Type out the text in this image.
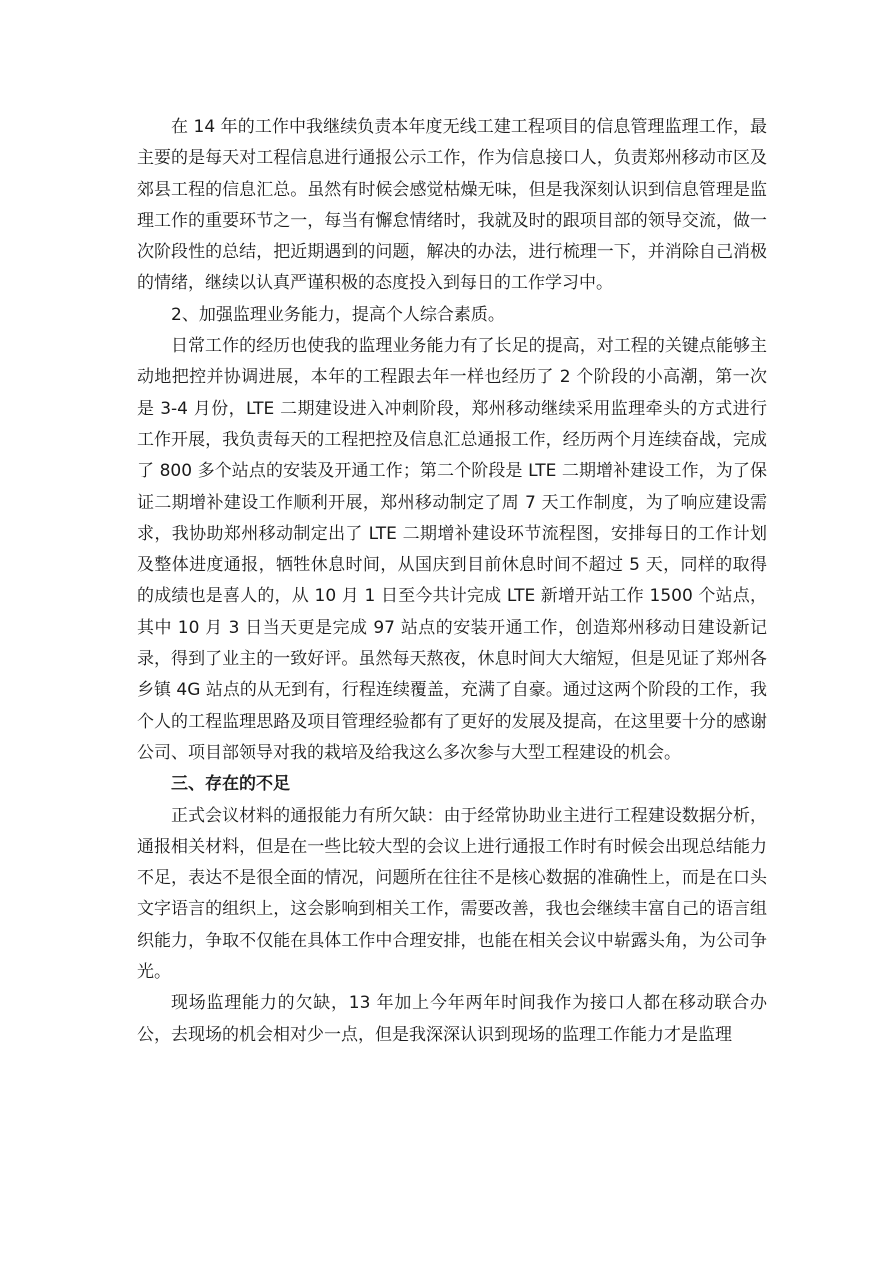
在 14 年的工作中我继续负责本年度无线工建工程项目的信息管理监理工作，最主要的是每天对工程信息进行通报公示工作，作为信息接口人，负责郑州移动市区及郊县工程的信息汇总。虽然有时候会感觉枯燥无味，但是我深刻认识到信息管理是监理工作的重要环节之一，每当有懈怠情绪时，我就及时的跟项目部的领导交流，做一次阶段性的总结，把近期遇到的问题，解决的办法，进行梳理一下，并消除自己消极的情绪，继续以认真严谨积极的态度投入到每日的工作学习中。

2、加强监理业务能力，提高个人综合素质。

日常工作的经历也使我的监理业务能力有了长足的提高，对工程的关键点能够主动地把控并协调进展，本年的工程跟去年一样也经历了 2 个阶段的小高潮，第一次是 3-4 月份，LTE 二期建设进入冲刺阶段，郑州移动继续采用监理牵头的方式进行工作开展，我负责每天的工程把控及信息汇总通报工作，经历两个月连续奋战，完成了 800 多个站点的安装及开通工作；第二个阶段是 LTE 二期增补建设工作，为了保证二期增补建设工作顺利开展，郑州移动制定了周 7 天工作制度，为了响应建设需求，我协助郑州移动制定出了 LTE 二期增补建设环节流程图，安排每日的工作计划及整体进度通报，牺牲休息时间，从国庆到目前休息时间不超过 5 天，同样的取得的成绩也是喜人的，从 10 月 1 日至今共计完成 LTE 新增开站工作 1500 个站点，其中 10 月 3 日当天更是完成 97 站点的安装开通工作，创造郑州移动日建设新记录，得到了业主的一致好评。虽然每天熬夜，休息时间大大缩短，但是见证了郑州各乡镇 4G 站点的从无到有，行程连续覆盖，充满了自豪。通过这两个阶段的工作，我个人的工程监理思路及项目管理经验都有了更好的发展及提高，在这里要十分的感谢公司、项目部领导对我的栽培及给我这么多次参与大型工程建设的机会。

三、存在的不足

正式会议材料的通报能力有所欠缺：由于经常协助业主进行工程建设数据分析，通报相关材料，但是在一些比较大型的会议上进行通报工作时有时候会出现总结能力不足，表达不是很全面的情况，问题所在往往不是核心数据的准确性上，而是在口头文字语言的组织上，这会影响到相关工作，需要改善，我也会继续丰富自己的语言组织能力，争取不仅能在具体工作中合理安排，也能在相关会议中崭露头角，为公司争光。

现场监理能力的欠缺，13 年加上今年两年时间我作为接口人都在移动联合办公，去现场的机会相对少一点，但是我深深认识到现场的监理工作能力才是监理
